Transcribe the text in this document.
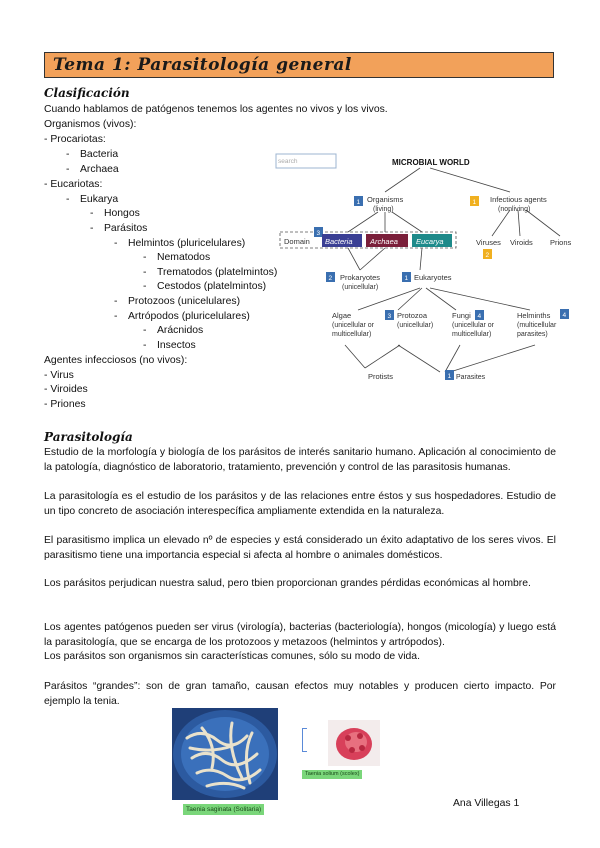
Tema 1: Parasitología general
Clasificación
Cuando hablamos de patógenos tenemos los agentes no vivos y los vivos.
Organismos (vivos):
- Procariotas:
- Bacteria
- Archaea
- Eucariotas:
- Eukarya
- Hongos
- Parásitos
- Helmintos (pluricelulares)
- Nematodos
- Trematodos (platelmintos)
- Cestodos (platelmintos)
- Protozoos (unicelulares)
- Artrópodos (pluricelulares)
- Arácnidos
- Insectos
Agentes infecciosos (no vivos):
- Virus
- Viroides
- Priones
search	MICROBIAL WORLD
1 Organisms
(living)
1 Infectious agents
(nonliving)
3
Domain Bacteria Archaea Eucarya	Viruses Viroids Prions
2
2 Prokaryotes
(unicellular)
1 Eukaryotes
Algae
(unicellular or
multicellular)
3 Protozoa
(unicellular)
Fungi
(unicellular or
multicellular)
4	Helminths
(multicellular
parasites)
4
Protists	1 Parasites
Parasitología
Estudio de la morfología y biología de los parásitos de interés sanitario humano. Aplicación al conocimiento de la patología, diagnóstico de laboratorio, tratamiento, prevención y control de las parasitosis humanas.
La parasitología es el estudio de los parásitos y de las relaciones entre éstos y sus hospedadores. Estudio de un tipo concreto de asociación interespecífica ampliamente extendida en la naturaleza.
El parasitismo implica un elevado nº de especies y está considerado un éxito adaptativo de los seres vivos. El parasitismo tiene una importancia especial si afecta al hombre o animales domésticos.
Los parásitos perjudican nuestra salud, pero tbien proporcionan grandes pérdidas económicas al hombre.
Los agentes patógenos pueden ser virus (virología), bacterias (bacteriología), hongos (micología) y luego está la parasitología, que se encarga de los protozoos y metazoos (helmintos y artrópodos).
Los parásitos son organismos sin características comunes, sólo su modo de vida.
Parásitos “grandes”: son de gran tamaño, causan efectos muy notables y producen cierto impacto. Por ejemplo la tenia.
Taenia saginata (Solitaria)
Taenia solium (scolex)
Ana Villegas 1
